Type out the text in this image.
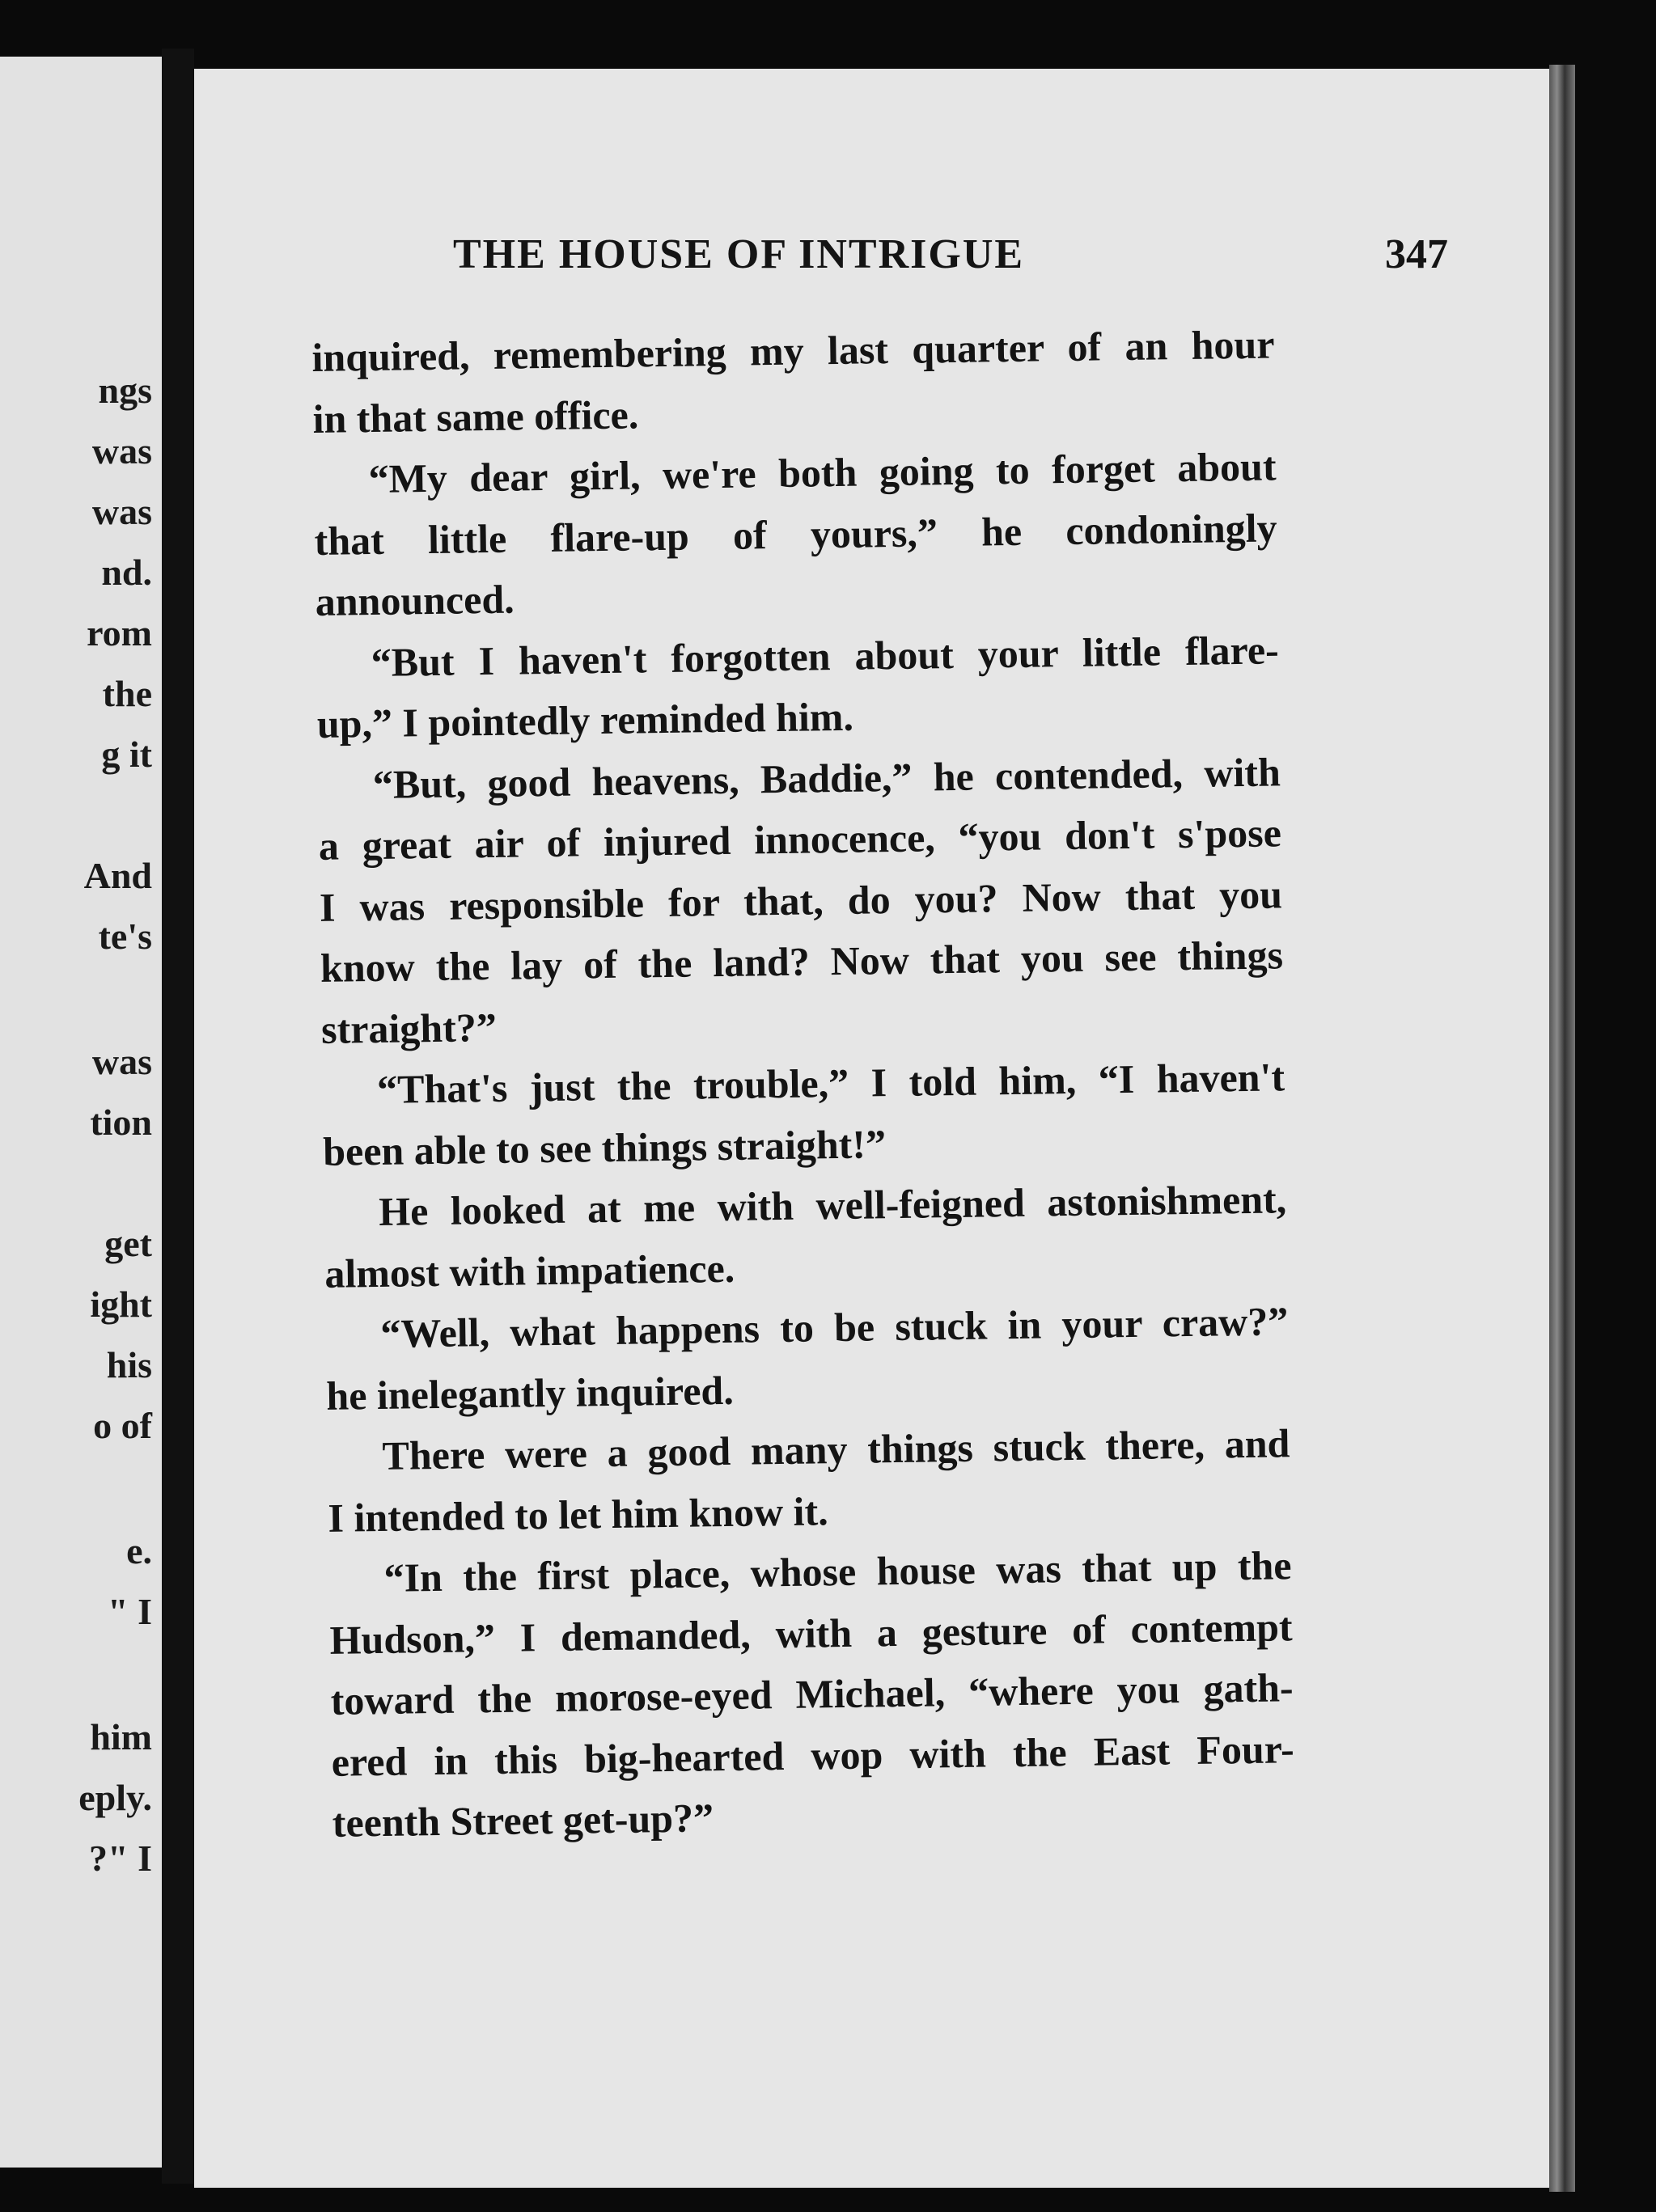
ngs
was
was
nd.
rom
the
g it
And
te's
was
tion
get
ight
his
o of
e.
" I
him
eply.
?" I
THE HOUSE OF INTRIGUE	347
inquired, remembering my last quarter of an hour
in that same office.
“My dear girl, we're both going to forget about
that little flare-up of yours,” he condoningly
announced.
“But I haven't forgotten about your little flare-
up,” I pointedly reminded him.
“But, good heavens, Baddie,” he contended, with
a great air of injured innocence, “you don't s'pose
I was responsible for that, do you? Now that you
know the lay of the land? Now that you see things
straight?”
“That's just the trouble,” I told him, “I haven't
been able to see things straight!”
He looked at me with well-feigned astonishment,
almost with impatience.
“Well, what happens to be stuck in your craw?”
he inelegantly inquired.
There were a good many things stuck there, and
I intended to let him know it.
“In the first place, whose house was that up the
Hudson,” I demanded, with a gesture of contempt
toward the morose-eyed Michael, “where you gath-
ered in this big-hearted wop with the East Four-
teenth Street get-up?”
